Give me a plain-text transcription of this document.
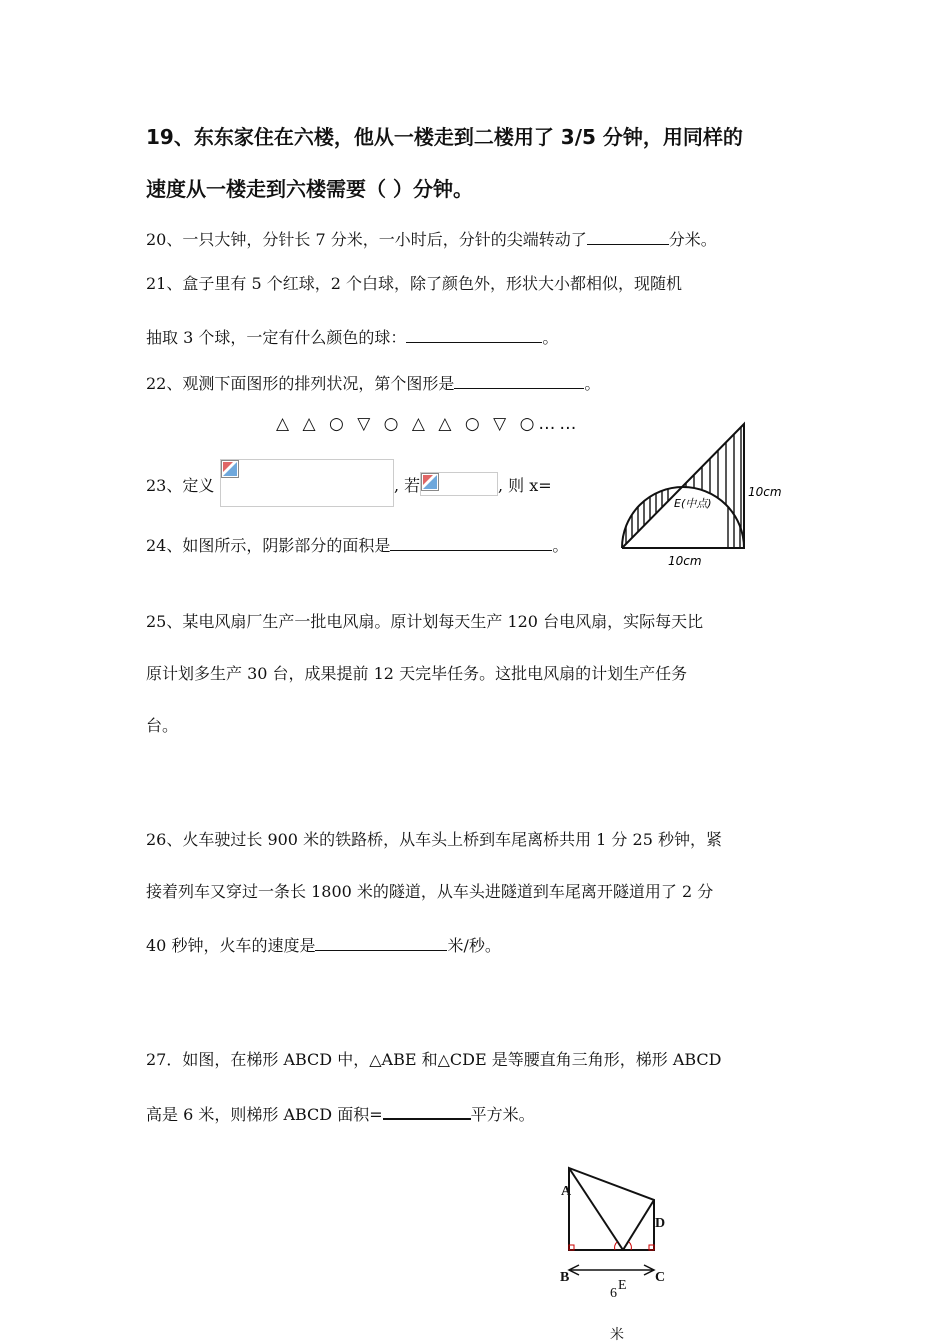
19、东东家住在六楼，他从一楼走到二楼用了 3/5 分钟，用同样的
速度从一楼走到六楼需要（ ）分钟。
20、一只大钟，分针长 7 分米，一小时后，分针的尖端转动了	分米。
21、盒子里有 5 个红球，2 个白球，除了颜色外，形状大小都相似，现随机
抽取 3 个球，一定有什么颜色的球：	。
22、观测下面图形的排列状况，第个图形是	。
△ △ ○ ▽ ○ △ △ ○ ▽ ○……
23、定义	, 若	, 则 x=
24、如图所示，阴影部分的面积是	。
E(中点)
10cm
10cm
25、某电风扇厂生产一批电风扇。原计划每天生产 120 台电风扇，实际每天比
原计划多生产 30 台，成果提前 12 天完毕任务。这批电风扇的计划生产任务
台。
26、火车驶过长 900 米的铁路桥，从车头上桥到车尾离桥共用 1 分 25 秒钟，紧
接着列车又穿过一条长 1800 米的隧道，从车头进隧道到车尾离开隧道用了 2 分
40 秒钟，火车的速度是	米/秒。
27．如图，在梯形 ABCD 中，△ABE 和△CDE 是等腰直角三角形，梯形 ABCD
高是 6 米，则梯形 ABCD 面积=	平方米。
A
B	C
D
E
6
米
